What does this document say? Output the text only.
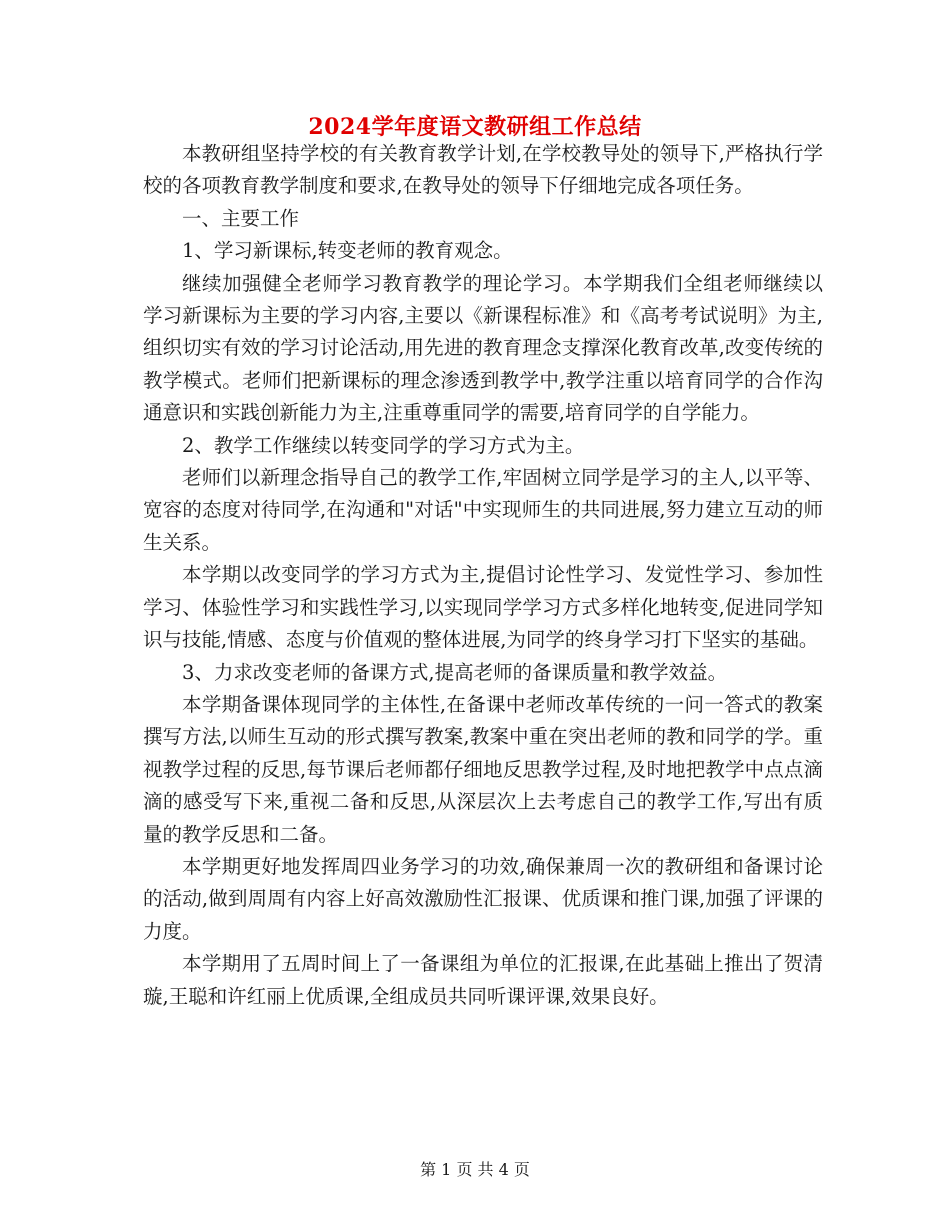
2024学年度语文教研组工作总结

本教研组坚持学校的有关教育教学计划,在学校教导处的领导下,严格执行学校的各项教育教学制度和要求,在教导处的领导下仔细地完成各项任务。

一、主要工作

1、学习新课标,转变老师的教育观念。

继续加强健全老师学习教育教学的理论学习。本学期我们全组老师继续以学习新课标为主要的学习内容,主要以《新课程标准》和《高考考试说明》为主,组织切实有效的学习讨论活动,用先进的教育理念支撑深化教育改革,改变传统的教学模式。老师们把新课标的理念渗透到教学中,教学注重以培育同学的合作沟通意识和实践创新能力为主,注重尊重同学的需要,培育同学的自学能力。

2、教学工作继续以转变同学的学习方式为主。

老师们以新理念指导自己的教学工作,牢固树立同学是学习的主人,以平等、宽容的态度对待同学,在沟通和"对话"中实现师生的共同进展,努力建立互动的师生关系。

本学期以改变同学的学习方式为主,提倡讨论性学习、发觉性学习、参加性学习、体验性学习和实践性学习,以实现同学学习方式多样化地转变,促进同学知识与技能,情感、态度与价值观的整体进展,为同学的终身学习打下坚实的基础。

3、力求改变老师的备课方式,提高老师的备课质量和教学效益。

本学期备课体现同学的主体性,在备课中老师改革传统的一问一答式的教案撰写方法,以师生互动的形式撰写教案,教案中重在突出老师的教和同学的学。重视教学过程的反思,每节课后老师都仔细地反思教学过程,及时地把教学中点点滴滴的感受写下来,重视二备和反思,从深层次上去考虑自己的教学工作,写出有质量的教学反思和二备。

本学期更好地发挥周四业务学习的功效,确保兼周一次的教研组和备课讨论的活动,做到周周有内容上好高效激励性汇报课、优质课和推门课,加强了评课的力度。

本学期用了五周时间上了一备课组为单位的汇报课,在此基础上推出了贺清璇,王聪和许红丽上优质课,全组成员共同听课评课,效果良好。

第 1 页 共 4 页
